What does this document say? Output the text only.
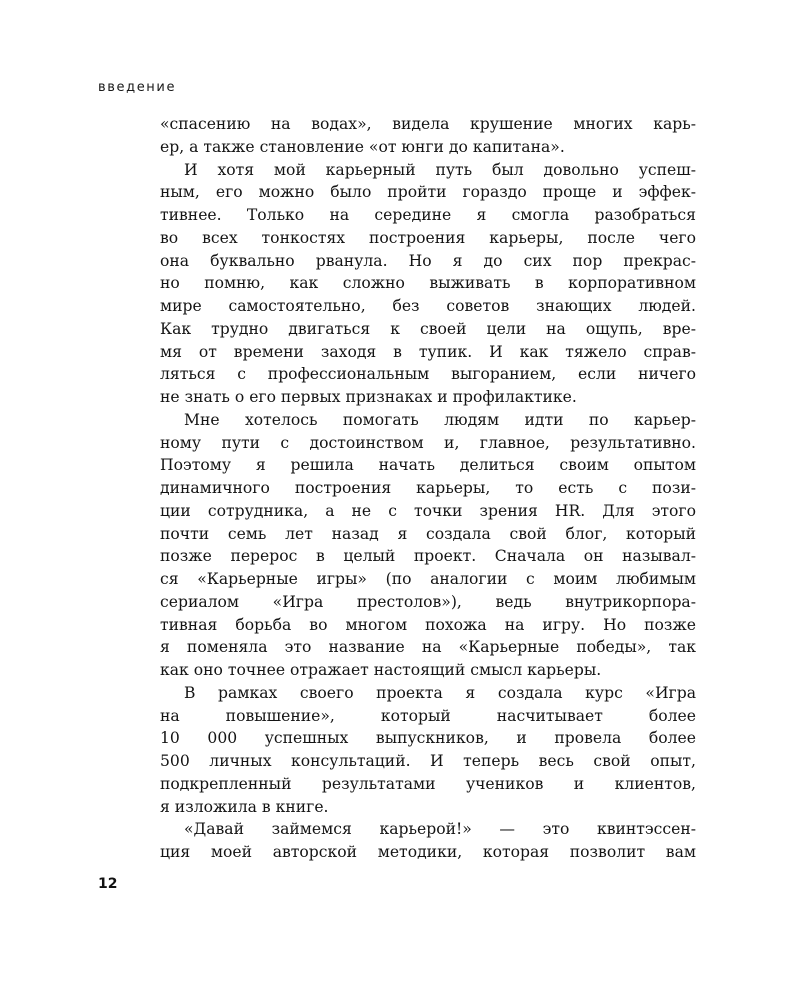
введение
«спасению на водах», видела крушение многих карь-
ер, а также становление «от юнги до капитана».
И хотя мой карьерный путь был довольно успеш-
ным, его можно было пройти гораздо проще и эффек-
тивнее. Только на середине я смогла разобраться
во всех тонкостях построения карьеры, после чего
она буквально рванула. Но я до сих пор прекрас-
но помню, как сложно выживать в корпоративном
мире самостоятельно, без советов знающих людей.
Как трудно двигаться к своей цели на ощупь, вре-
мя от времени заходя в тупик. И как тяжело справ-
ляться с профессиональным выгоранием, если ничего
не знать о его первых признаках и профилактике.
Мне хотелось помогать людям идти по карьер-
ному пути с достоинством и, главное, результативно.
Поэтому я решила начать делиться своим опытом
динамичного построения карьеры, то есть с пози-
ции сотрудника, а не с точки зрения HR. Для этого
почти семь лет назад я создала свой блог, который
позже перерос в целый проект. Сначала он называл-
ся «Карьерные игры» (по аналогии с моим любимым
сериалом «Игра престолов»), ведь внутрикорпора-
тивная борьба во многом похожа на игру. Но позже
я поменяла это название на «Карьерные победы», так
как оно точнее отражает настоящий смысл карьеры.
В рамках своего проекта я создала курс «Игра
на повышение», который насчитывает более
10 000 успешных выпускников, и провела более
500 личных консультаций. И теперь весь свой опыт,
подкрепленный результатами учеников и клиентов,
я изложила в книге.
«Давай займемся карьерой!» — это квинтэссен-
ция моей авторской методики, которая позволит вам
12
